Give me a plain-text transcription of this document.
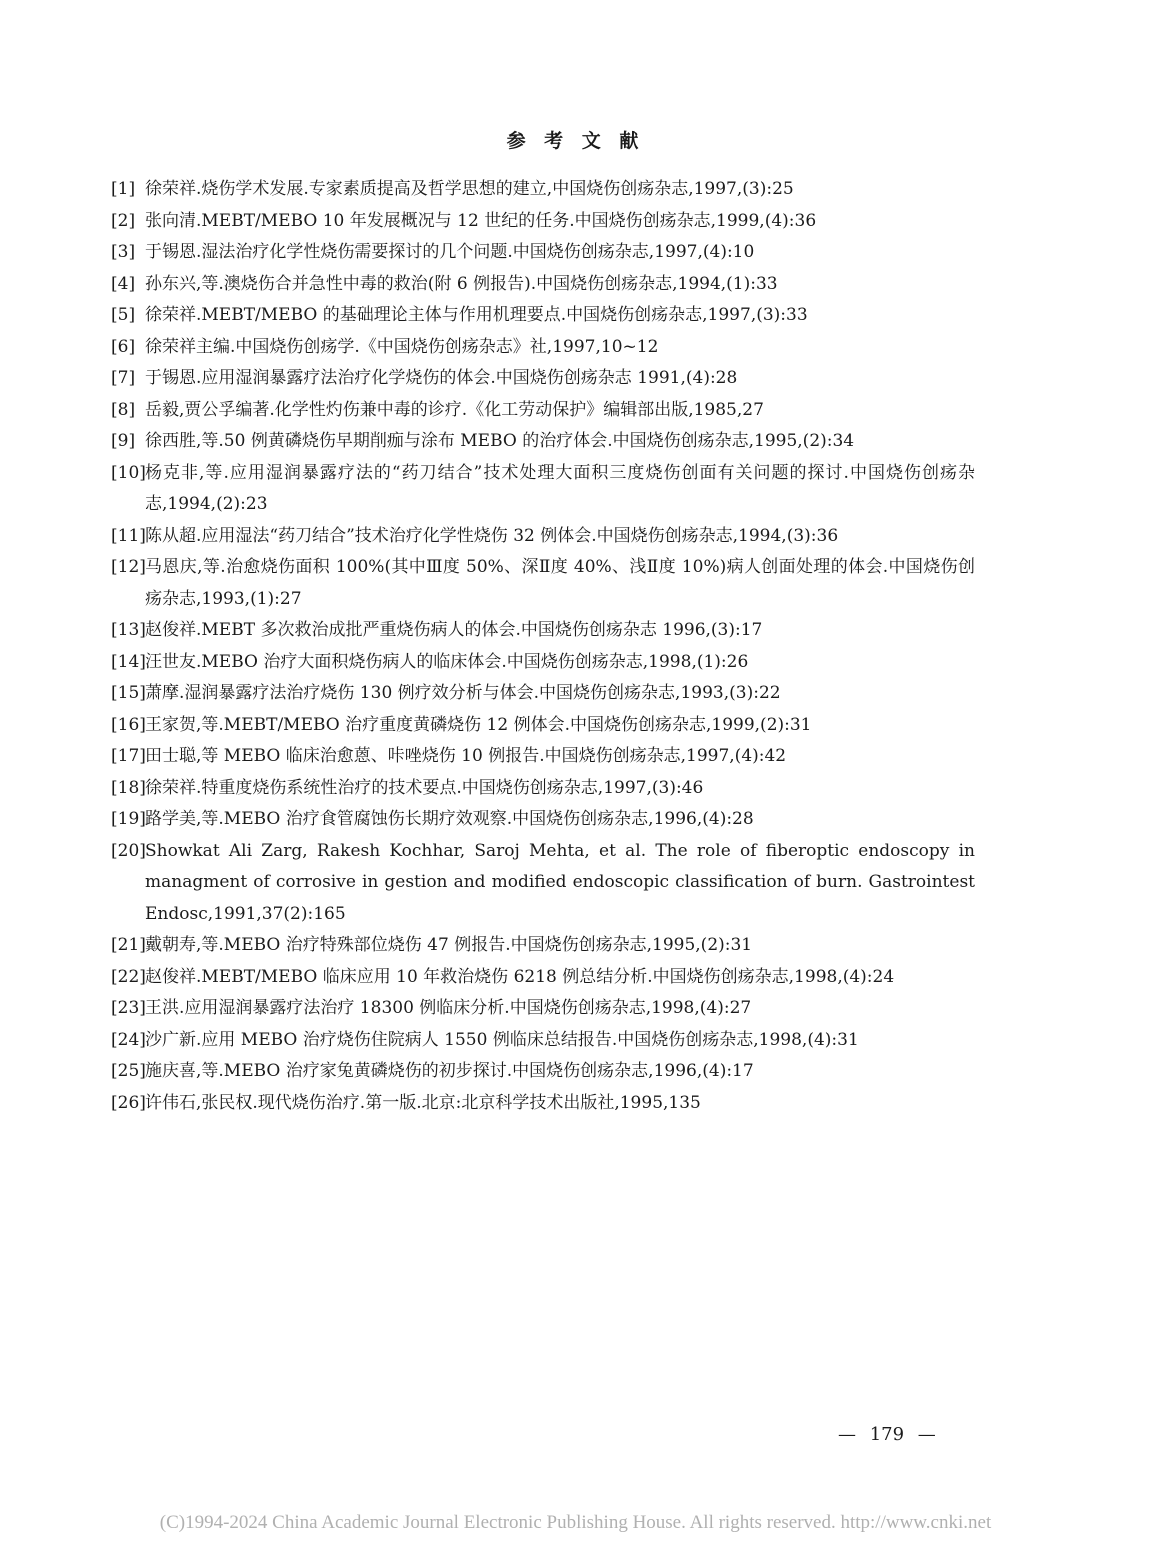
参 考 文 献
[1] 徐荣祥.烧伤学术发展.专家素质提高及哲学思想的建立,中国烧伤创疡杂志,1997,(3):25
[2] 张向清.MEBT/MEBO 10 年发展概况与 12 世纪的任务.中国烧伤创疡杂志,1999,(4):36
[3] 于锡恩.湿法治疗化学性烧伤需要探讨的几个问题.中国烧伤创疡杂志,1997,(4):10
[4] 孙东兴,等.澳烧伤合并急性中毒的救治(附 6 例报告).中国烧伤创疡杂志,1994,(1):33
[5] 徐荣祥.MEBT/MEBO 的基础理论主体与作用机理要点.中国烧伤创疡杂志,1997,(3):33
[6] 徐荣祥主编.中国烧伤创疡学.《中国烧伤创疡杂志》社,1997,10~12
[7] 于锡恩.应用湿润暴露疗法治疗化学烧伤的体会.中国烧伤创疡杂志 1991,(4):28
[8] 岳毅,贾公孚编著.化学性灼伤兼中毒的诊疗.《化工劳动保护》编辑部出版,1985,27
[9] 徐西胜,等.50 例黄磷烧伤早期削痂与涂布 MEBO 的治疗体会.中国烧伤创疡杂志,1995,(2):34
[10] 杨克非,等.应用湿润暴露疗法的“药刀结合”技术处理大面积三度烧伤创面有关问题的探讨.中国烧伤创疡杂志,1994,(2):23
[11] 陈从超.应用湿法“药刀结合”技术治疗化学性烧伤 32 例体会.中国烧伤创疡杂志,1994,(3):36
[12] 马恩庆,等.治愈烧伤面积 100%(其中Ⅲ度 50%、深Ⅱ度 40%、浅Ⅱ度 10%)病人创面处理的体会.中国烧伤创疡杂志,1993,(1):27
[13] 赵俊祥.MEBT 多次救治成批严重烧伤病人的体会.中国烧伤创疡杂志 1996,(3):17
[14] 汪世友.MEBO 治疗大面积烧伤病人的临床体会.中国烧伤创疡杂志,1998,(1):26
[15] 萧摩.湿润暴露疗法治疗烧伤 130 例疗效分析与体会.中国烧伤创疡杂志,1993,(3):22
[16] 王家贺,等.MEBT/MEBO 治疗重度黄磷烧伤 12 例体会.中国烧伤创疡杂志,1999,(2):31
[17] 田士聪,等 MEBO 临床治愈蒽、咔唑烧伤 10 例报告.中国烧伤创疡杂志,1997,(4):42
[18] 徐荣祥.特重度烧伤系统性治疗的技术要点.中国烧伤创疡杂志,1997,(3):46
[19] 路学美,等.MEBO 治疗食管腐蚀伤长期疗效观察.中国烧伤创疡杂志,1996,(4):28
[20] Showkat Ali Zarg, Rakesh Kochhar, Saroj Mehta, et al. The role of fiberoptic endoscopy in managment of corrosive in gestion and modified endoscopic classification of burn. Gastrointest Endosc,1991,37(2):165
[21] 戴朝寿,等.MEBO 治疗特殊部位烧伤 47 例报告.中国烧伤创疡杂志,1995,(2):31
[22] 赵俊祥.MEBT/MEBO 临床应用 10 年救治烧伤 6218 例总结分析.中国烧伤创疡杂志,1998,(4):24
[23] 王洪.应用湿润暴露疗法治疗 18300 例临床分析.中国烧伤创疡杂志,1998,(4):27
[24] 沙广新.应用 MEBO 治疗烧伤住院病人 1550 例临床总结报告.中国烧伤创疡杂志,1998,(4):31
[25] 施庆喜,等.MEBO 治疗家兔黄磷烧伤的初步探讨.中国烧伤创疡杂志,1996,(4):17
[26] 许伟石,张民权.现代烧伤治疗.第一版.北京:北京科学技术出版社,1995,135
— 179 —
(C)1994-2024 China Academic Journal Electronic Publishing House. All rights reserved. http://www.cnki.net
